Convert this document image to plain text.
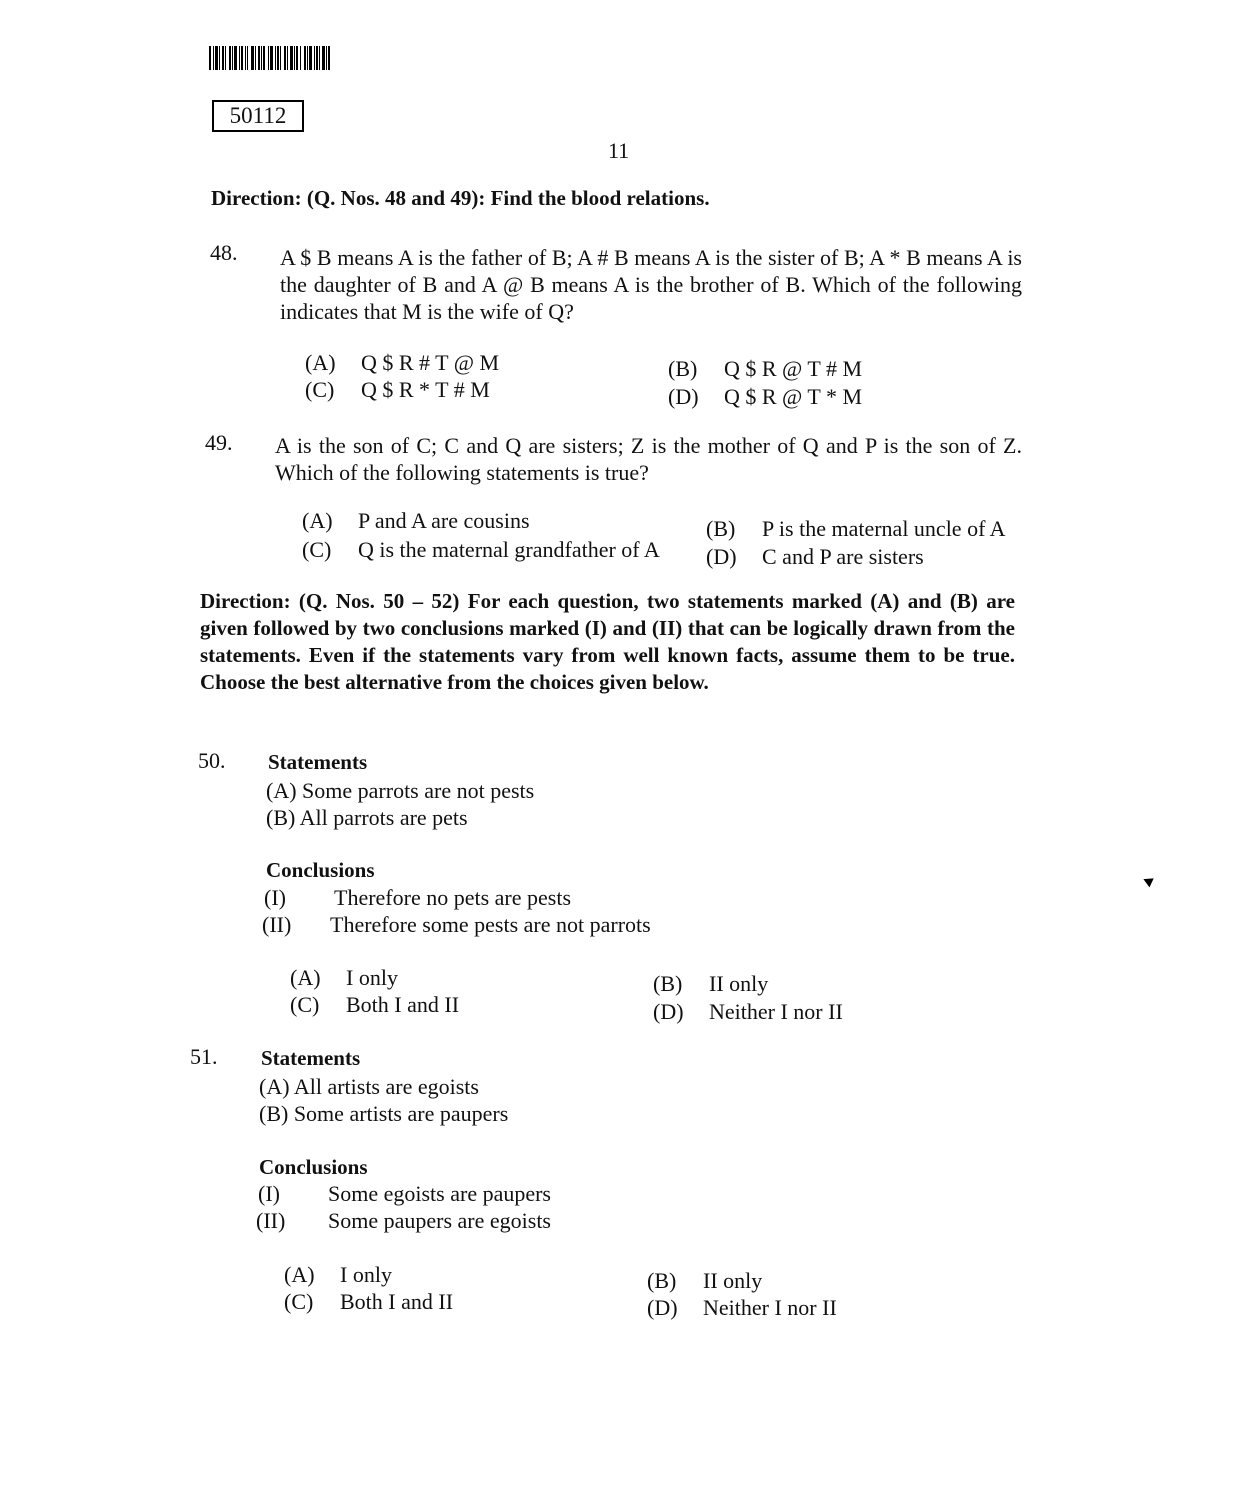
50112
11
Direction: (Q. Nos. 48 and 49): Find the blood relations.
48. A $ B means A is the father of B; A # B means A is the sister of B; A * B means A is the daughter of B and A @ B means A is the brother of B. Which of the following indicates that M is the wife of Q?
(A) Q $ R # T @ M	(B) Q $ R @ T # M
(C) Q $ R * T # M	(D) Q $ R @ T * M
49. A is the son of C; C and Q are sisters; Z is the mother of Q and P is the son of Z. Which of the following statements is true?
(A) P and A are cousins	(B) P is the maternal uncle of A
(C) Q is the maternal grandfather of A (D) C and P are sisters
Direction: (Q. Nos. 50 – 52) For each question, two statements marked (A) and (B) are given followed by two conclusions marked (I) and (II) that can be logically drawn from the statements. Even if the statements vary from well known facts, assume them to be true. Choose the best alternative from the choices given below.
50. Statements
(A) Some parrots are not pests
(B) All parrots are pets
Conclusions
(I) Therefore no pets are pests
(II) Therefore some pests are not parrots
(A) I only	(B) II only
(C) Both I and II	(D) Neither I nor II
51. Statements
(A) All artists are egoists
(B) Some artists are paupers
Conclusions
(I) Some egoists are paupers
(II) Some paupers are egoists
(A) I only	(B) II only
(C) Both I and II	(D) Neither I nor II
